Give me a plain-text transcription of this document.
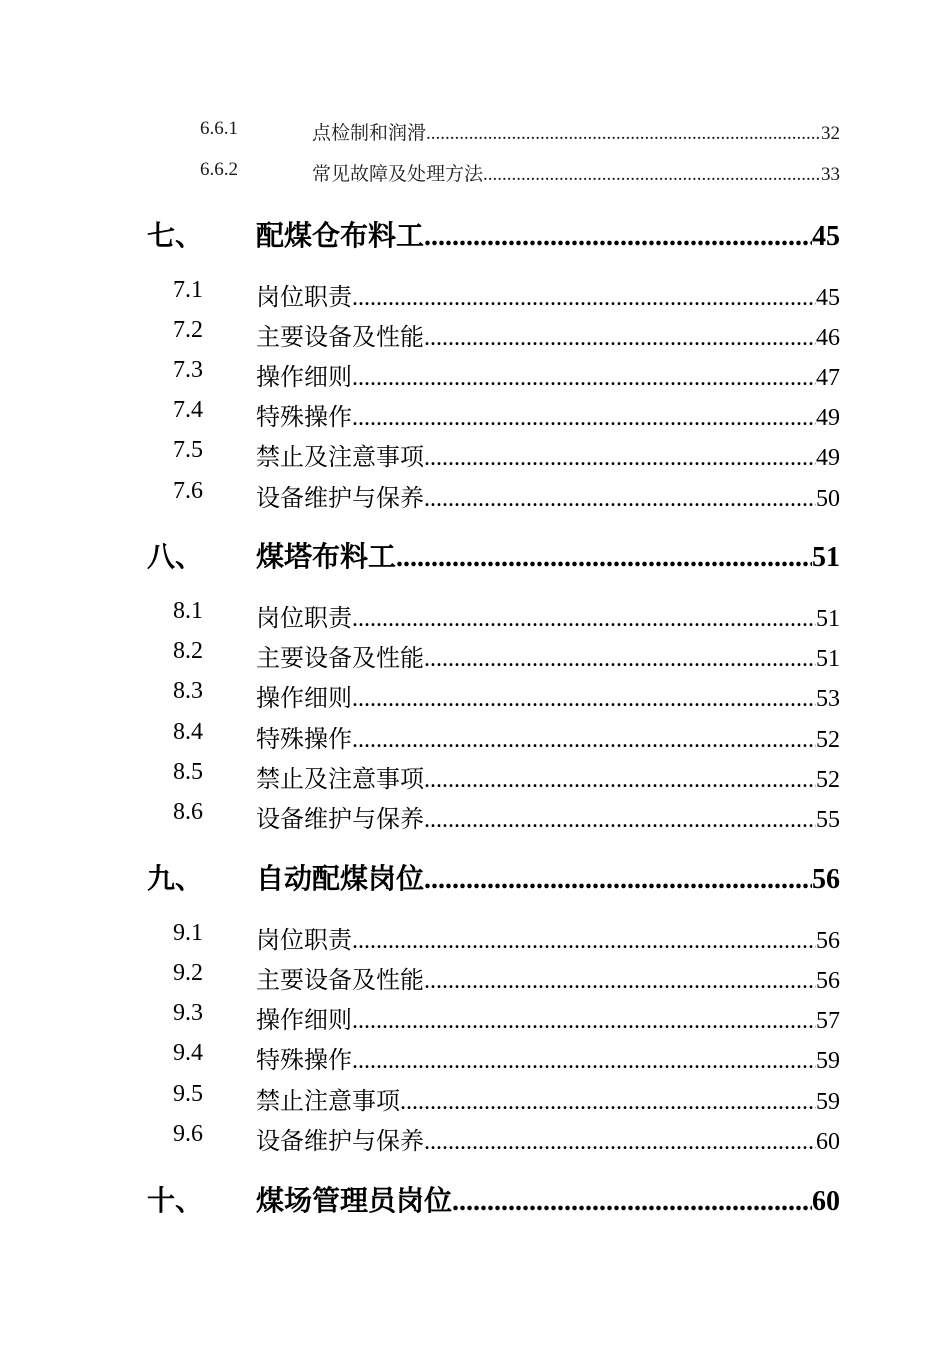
6.6.1	点检制和润滑 .....	32
6.6.2	常见故障及处理方法 .....	33
七、 配煤仓布料工 .....	45
7.1 岗位职责 .....	45
7.2 主要设备及性能 .....	46
7.3 操作细则 .....	47
7.4 特殊操作 .....	49
7.5 禁止及注意事项 .....	49
7.6 设备维护与保养 .....	50
八、 煤塔布料工 .....	51
8.1 岗位职责 .....	51
8.2 主要设备及性能 .....	51
8.3 操作细则 .....	53
8.4 特殊操作 .....	52
8.5 禁止及注意事项 .....	52
8.6 设备维护与保养 .....	55
九、 自动配煤岗位 .....	56
9.1 岗位职责 .....	56
9.2 主要设备及性能 .....	56
9.3 操作细则 .....	57
9.4 特殊操作 .....	59
9.5 禁止注意事项 .....	59
9.6 设备维护与保养 .....	60
十、 煤场管理员岗位 .....	60
